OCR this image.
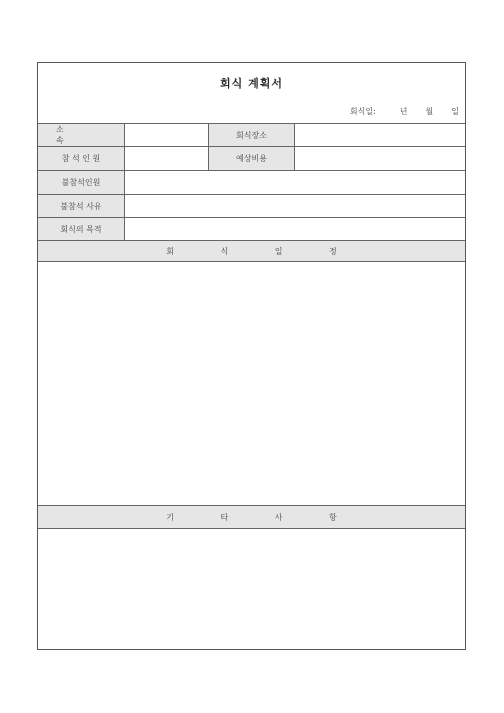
회식 계획서
회식일:	년 월 일
소 속
회식장소
참 석 인 원	예상비용
불참석인원
불참석 사유
회식의 목적
회 식 일 정
기 타 사 항
